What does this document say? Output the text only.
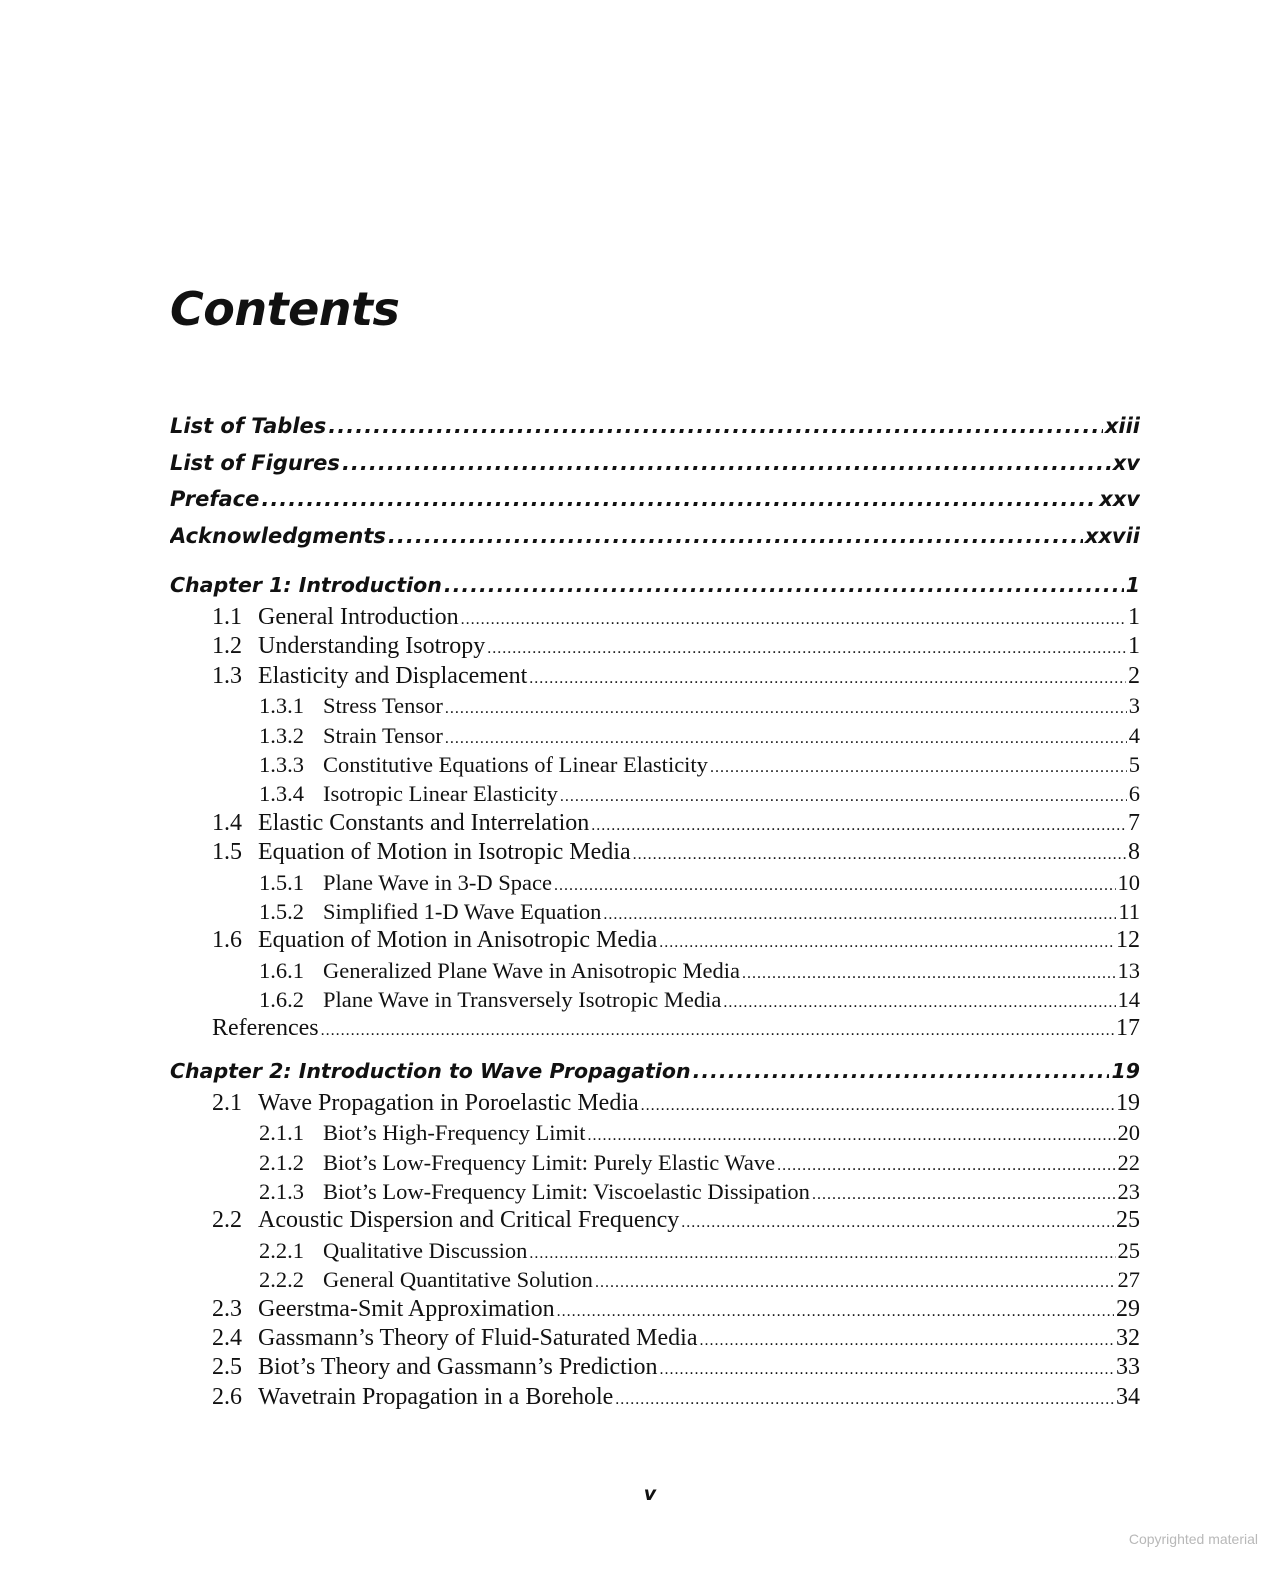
Contents
List of Tables .....	xiii
List of Figures .....	xv
Preface .....	xxv
Acknowledgments .....	xxvii
Chapter 1: Introduction .....	1
1.1 General Introduction .....	1
1.2 Understanding Isotropy .....	1
1.3 Elasticity and Displacement .....	2
1.3.1 Stress Tensor .....	3
1.3.2 Strain Tensor .....	4
1.3.3 Constitutive Equations of Linear Elasticity .....	5
1.3.4 Isotropic Linear Elasticity .....	6
1.4 Elastic Constants and Interrelation .....	7
1.5 Equation of Motion in Isotropic Media .....	8
1.5.1 Plane Wave in 3-D Space .....	10
1.5.2 Simplified 1-D Wave Equation .....	11
1.6 Equation of Motion in Anisotropic Media .....	12
1.6.1 Generalized Plane Wave in Anisotropic Media .....	13
1.6.2 Plane Wave in Transversely Isotropic Media .....	14
References .....	17
Chapter 2: Introduction to Wave Propagation .....	19
2.1 Wave Propagation in Poroelastic Media .....	19
2.1.1 Biot’s High-Frequency Limit .....	20
2.1.2 Biot’s Low-Frequency Limit: Purely Elastic Wave .....	22
2.1.3 Biot’s Low-Frequency Limit: Viscoelastic Dissipation .....	23
2.2 Acoustic Dispersion and Critical Frequency .....	25
2.2.1 Qualitative Discussion .....	25
2.2.2 General Quantitative Solution .....	27
2.3 Geerstma-Smit Approximation .....	29
2.4 Gassmann’s Theory of Fluid-Saturated Media .....	32
2.5 Biot’s Theory and Gassmann’s Prediction .....	33
2.6 Wavetrain Propagation in a Borehole .....	34
v
Copyrighted material
